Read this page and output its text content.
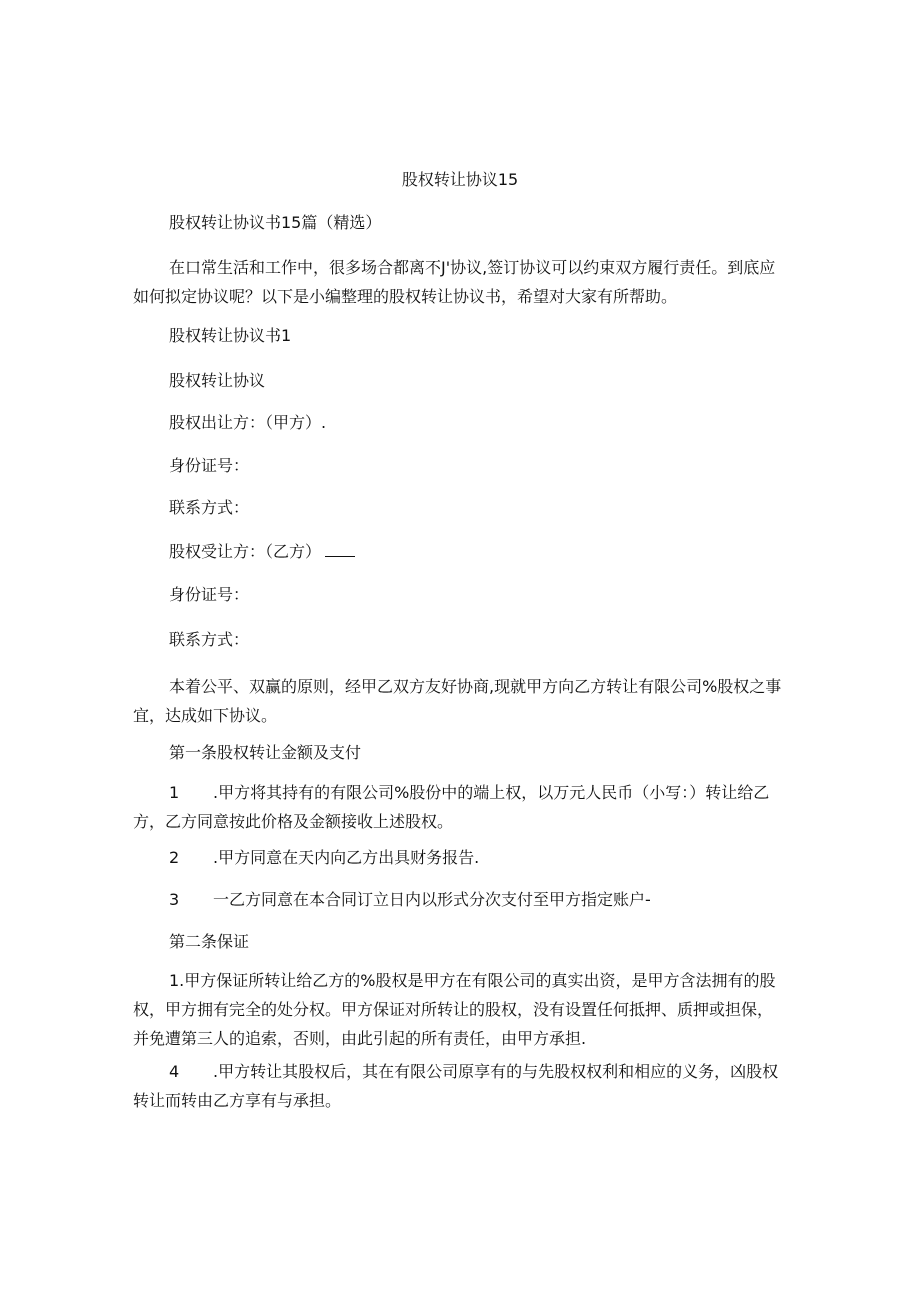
股权转让协议15

股权转让协议书15篇（精选）

在口常生活和工作中，很多场合都离不J'协议,签订协议可以约束双方履行责任。到底应如何拟定协议呢？以下是小编整理的股权转让协议书，希望对大家有所帮助。

股权转让协议书1

股权转让协议

股权出让方：（甲方）.

身份证号：

联系方式：

股权受让方：（乙方）

身份证号：

联系方式：

本着公平、双赢的原则，经甲乙双方友好协商,现就甲方向乙方转让有限公司%股权之事宜，达成如下协议。

第一条股权转让金额及支付

1 .甲方将其持有的有限公司%股份中的端上权，以万元人民币（小写：）转让给乙方，乙方同意按此价格及金额接收上述股权。

2 .甲方同意在天内向乙方出具财务报告.

3 一乙方同意在本合同订立日内以形式分次支付至甲方指定账户-

第二条保证

1.甲方保证所转让给乙方的%股权是甲方在有限公司的真实出资，是甲方含法拥有的股权，甲方拥有完全的处分权。甲方保证对所转让的股权，没有设置任何抵押、质押或担保，并免遭第三人的追索，否则，由此引起的所有责任，由甲方承担.

4 .甲方转让其股权后，其在有限公司原享有的与先股权权利和相应的义务，凶股权转让而转由乙方享有与承担。
